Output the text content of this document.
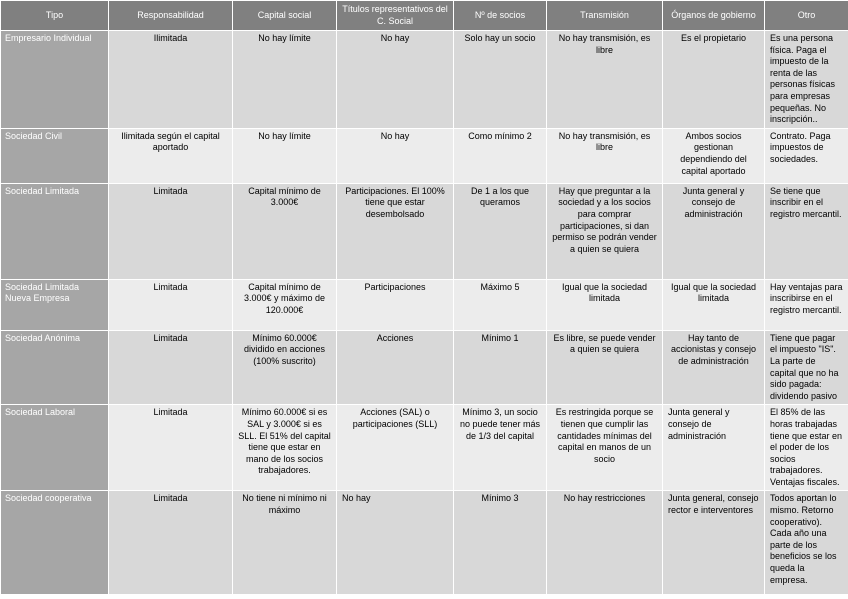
Tipo	Responsabilidad	Capital social	Títulos representativos del C. Social	Nº de socios	Transmisión	Órganos de gobierno	Otro
Empresario Individual	Ilimitada	No hay límite	No hay	Solo hay un socio	No hay transmisión, es libre	Es el propietario	Es una persona física. Paga el impuesto de la renta de las personas físicas para empresas pequeñas. No inscripción..
Sociedad Civil	Ilimitada según el capital aportado	No hay límite	No hay	Como mínimo 2	No hay transmisión, es libre	Ambos socios gestionan dependiendo del capital aportado	Contrato. Paga impuestos de sociedades.
Sociedad Limitada	Limitada	Capital mínimo de 3.000€	Participaciones. El 100% tiene que estar desembolsado	De 1 a los que queramos	Hay que preguntar a la sociedad y a los socios para comprar participaciones, si dan permiso se podrán vender a quien se quiera	Junta general y consejo de administración	Se tiene que inscribir en el registro mercantil.
Sociedad Limitada Nueva Empresa	Limitada	Capital mínimo de 3.000€ y máximo de 120.000€	Participaciones	Máximo 5	Igual que la sociedad limitada	Igual que la sociedad limitada	Hay ventajas para inscribirse en el registro mercantil.
Sociedad Anónima	Limitada	Mínimo 60.000€ dividido en acciones (100% suscrito)	Acciones	Mínimo 1	Es libre, se puede vender a quien se quiera	Hay tanto de accionistas y consejo de administración	Tiene que pagar el impuesto "IS". La parte de capital que no ha sido pagada: dividendo pasivo
Sociedad Laboral	Limitada	Mínimo 60.000€ si es SAL y 3.000€ si es SLL. El 51% del capital tiene que estar en mano de los socios trabajadores.	Acciones (SAL) o participaciones (SLL)	Mínimo 3, un socio no puede tener más de 1/3 del capital	Es restringida porque se tienen que cumplir las cantidades mínimas del capital en manos de un socio	Junta general y consejo de administración	El 85% de las horas trabajadas tiene que estar en el poder de los socios trabajadores. Ventajas fiscales.
Sociedad cooperativa	Limitada	No tiene ni mínimo ni máximo	No hay	Mínimo 3	No hay restricciones	Junta general, consejo rector e interventores	Todos aportan lo mismo. Retorno cooperativo). Cada año una parte de los beneficios se los queda la empresa.
